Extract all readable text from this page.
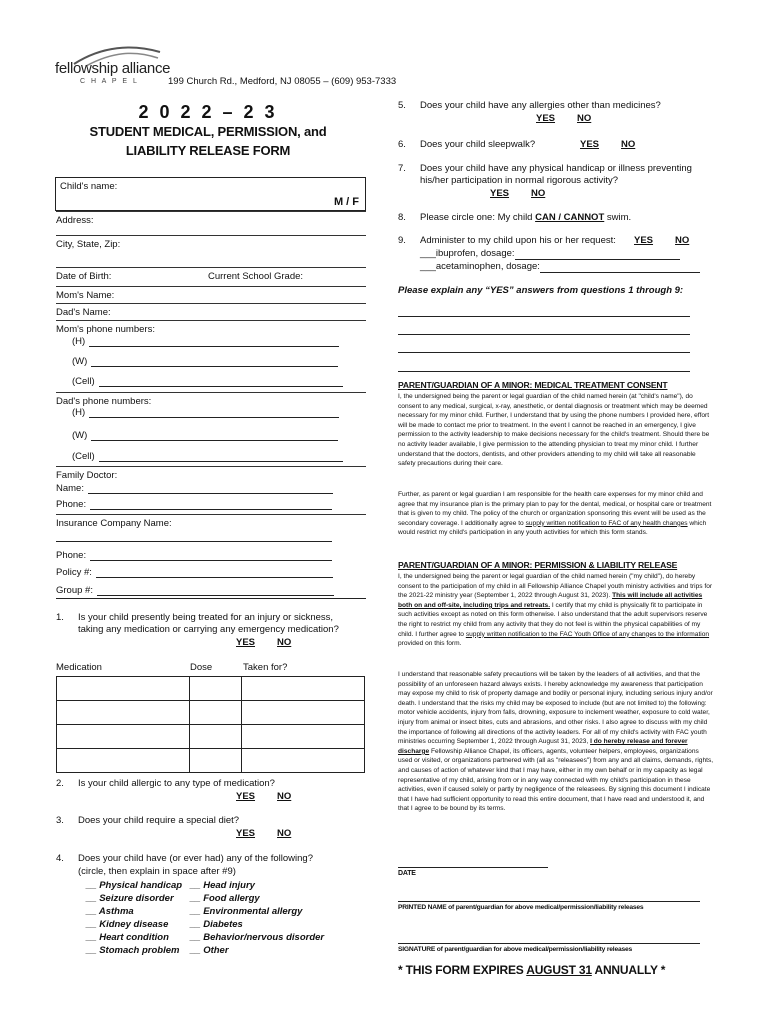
fellowship alliance
C H A P E L	199 Church Rd., Medford, NJ 08055 – (609) 953-7333
2 0 2 2 – 2 3
STUDENT MEDICAL, PERMISSION, and
LIABILITY RELEASE FORM
Child's name:
M / F
Address:
City, State, Zip:
Date of Birth:	Current School Grade:
Mom's Name:
Dad's Name:
Mom's phone numbers:
(H)
(W)
(Cell)
Dad's phone numbers:
(H)
(W)
(Cell)
Family Doctor:
Name:
Phone:
Insurance Company Name:
Phone:
Policy #:
Group #:
1. Is your child presently being treated for an injury or sickness,
taking any medication or carrying any emergency medication?
YES NO
Medication	Dose	Taken for?

2. Is your child allergic to any type of medication?
YES NO
3. Does your child require a special diet?
YES NO
4. Does your child have (or ever had) any of the following?
(circle, then explain in space after #9)
__ Physical handicap __ Head injury
__ Seizure disorder __ Food allergy
__ Asthma	__ Environmental allergy
__ Kidney disease __ Diabetes
__ Heart condition __ Behavior/nervous disorder
__ Stomach problem __ Other
5. Does your child have any allergies other than medicines?
YES NO
6. Does your child sleepwalk?	YES NO
7. Does your child have any physical handicap or illness preventing
his/her participation in normal rigorous activity?
YES NO
8. Please circle one: My child CAN / CANNOT swim.
9. Administer to my child upon his or her request: YES NO
___ibuprofen, dosage:
___acetaminophen, dosage:
Please explain any “YES” answers from questions 1 through 9:
PARENT/GUARDIAN OF A MINOR: MEDICAL TREATMENT CONSENT
I, the undersigned being the parent or legal guardian of the child named herein (at "child's name"), do consent to any medical, surgical, x-ray, anesthetic, or dental diagnosis or treatment which may be deemed necessary for my minor child. Further, I understand that by using the phone numbers I provided here, effort will be made to contact me prior to treatment. In the event I cannot be reached in an emergency, I give permission to the activity leadership to make decisions necessary for the child's treatment. Should there be no activity leader available, I give permission to the attending physician to treat my minor child. I further understand that the doctors, dentists, and other providers attending to my child will take all reasonable safety precautions during their care.
Further, as parent or legal guardian I am responsible for the health care expenses for my minor child and agree that my insurance plan is the primary plan to pay for the dental, medical, or hospital care or treatment that is given to my child. The policy of the church or organization sponsoring this event will be used as the secondary coverage. I additionally agree to supply written notification to FAC of any health changes which would restrict my child's participation in any youth activities for which this form stands.
PARENT/GUARDIAN OF A MINOR: PERMISSION & LIABILITY RELEASE
I, the undersigned being the parent or legal guardian of the child named herein ("my child"), do hereby consent to the participation of my child in all Fellowship Alliance Chapel youth ministry activities and trips for the 2021-22 ministry year (September 1, 2022 through August 31, 2023). This will include all activities both on and off-site, including trips and retreats. I certify that my child is physically fit to participate in such activities except as noted on this form otherwise. I also understand that the adult supervisors reserve the right to restrict my child from any activity that they do not feel is within the physical capabilities of my child. I further agree to supply written notification to the FAC Youth Office of any changes to the information provided on this form.
I understand that reasonable safety precautions will be taken by the leaders of all activities, and that the possibility of an unforeseen hazard always exists. I hereby acknowledge my awareness that participation may expose my child to risk of property damage and bodily or personal injury, including serious injury and/or death. I understand that the risks my child may be exposed to include (but are not limited to) the following: motor vehicle accidents, injury from falls, drowning, exposure to inclement weather, exposure to cold water, injury from animal or insect bites, cuts and abrasions, and other risks. I also agree to discuss with my child the importance of following all directions of the activity leaders. For all of my child's activity with FAC youth ministries occurring September 1, 2022 through August 31, 2023, I do hereby release and forever discharge Fellowship Alliance Chapel, its officers, agents, volunteer helpers, employees, organizations used or visited, or organizations partnered with (all as "releasees") from any and all claims, demands, rights, and causes of action of whatever kind that I may have, either in my own behalf or in my capacity as legal representative of my child, arising from or in any way connected with my child's participation in these activities, even if caused solely or partly by negligence of the releasees. By signing this document I indicate that I have had sufficient opportunity to read this entire document, that I have read and understood it, and that I agree to be bound by its terms.
DATE
PRINTED NAME of parent/guardian for above medical/permission/liability releases
SIGNATURE of parent/guardian for above medical/permission/liability releases
* THIS FORM EXPIRES AUGUST 31 ANNUALLY *
